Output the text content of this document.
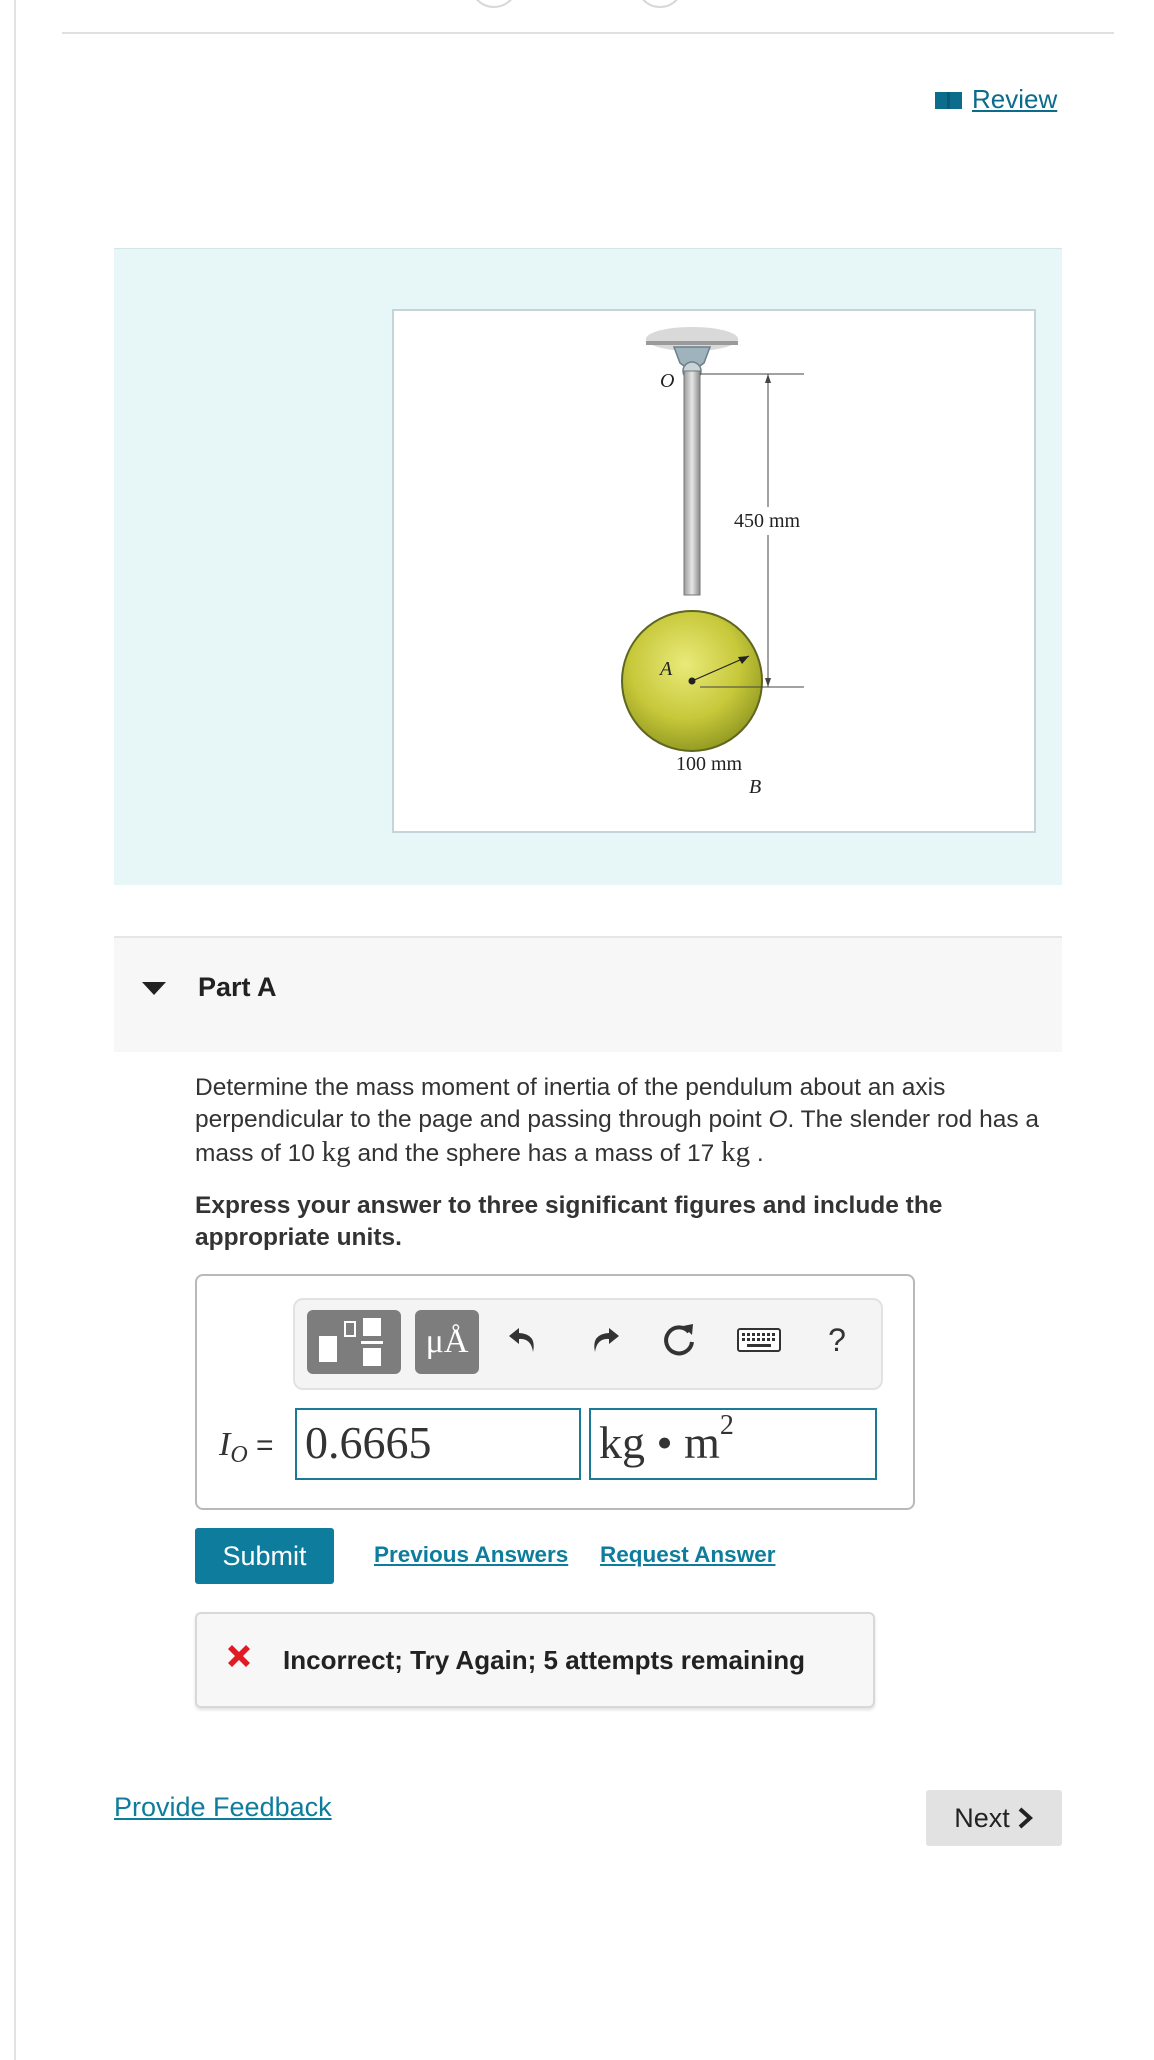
Review
450 mm
O
A
100 mm
B
Part A
Determine the mass moment of inertia of the pendulum about an axis perpendicular to the page and passing through point O. The slender rod has a mass of 10 kg and the sphere has a mass of 17 kg .
Express your answer to three significant figures and include the appropriate units.
μÅ	?
$I_O = 0.6665$	kg • $m^2$
Submit	Previous Answers Request Answer
Incorrect; Try Again; 5 attempts remaining
Provide Feedback	Next
